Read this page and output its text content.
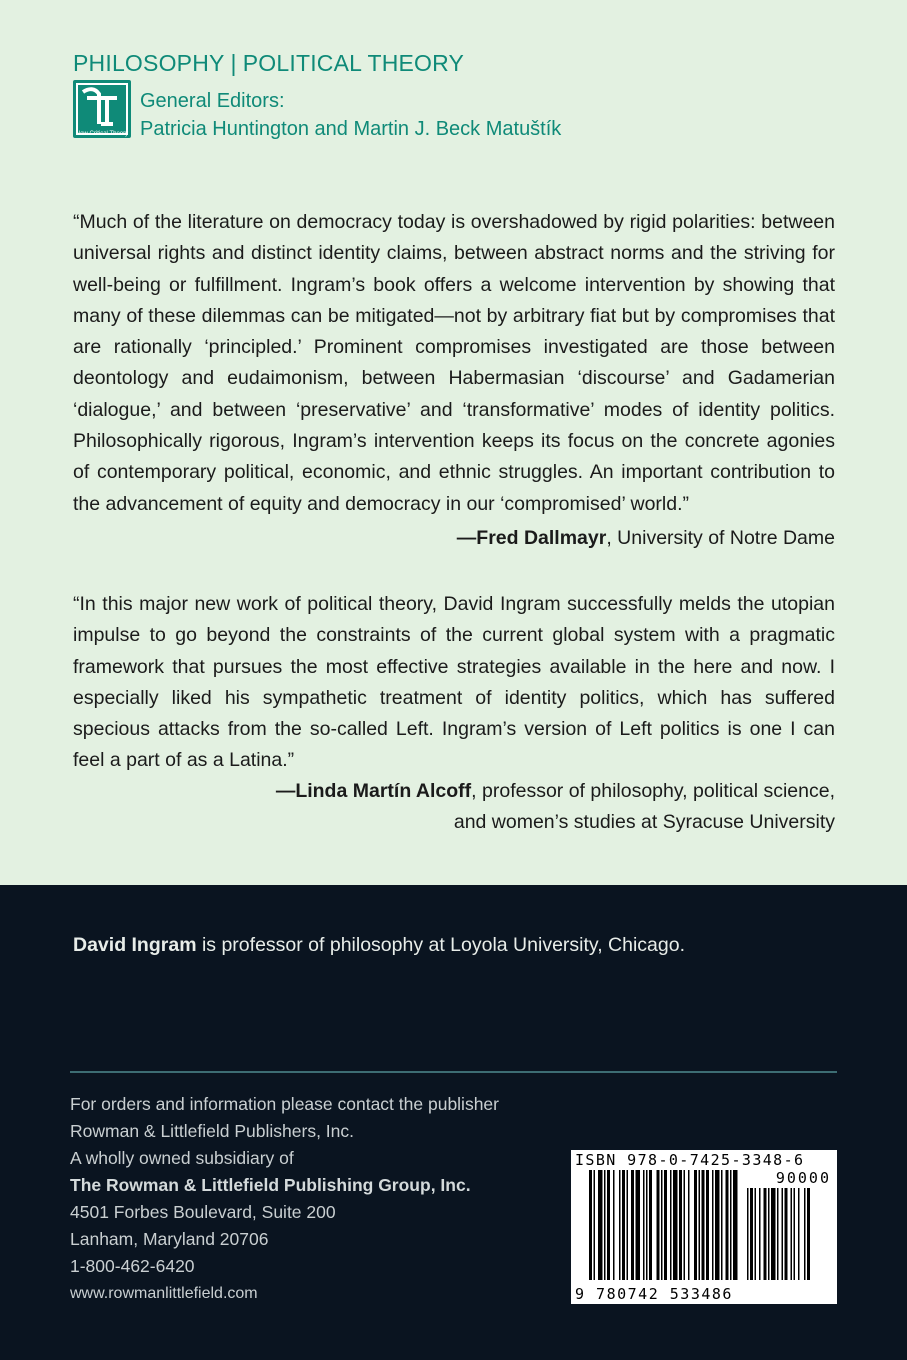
PHILOSOPHY | POLITICAL THEORY
New Critical Theory
General Editors:
Patricia Huntington and Martin J. Beck Matuštík

“Much of the literature on democracy today is overshadowed by rigid polarities: between universal rights and distinct identity claims, between abstract norms and the striving for well-being or fulfillment. Ingram’s book offers a welcome intervention by showing that many of these dilemmas can be mitigated—not by arbitrary fiat but by compromises that are rationally ‘principled.’ Prominent compromises investigated are those between deontology and eudaimonism, between Habermasian ‘discourse’ and Gadamerian ‘dialogue,’ and between ‘preservative’ and ‘transformative’ modes of identity politics. Philosophically rigorous, Ingram’s intervention keeps its focus on the concrete agonies of contemporary political, economic, and ethnic struggles. An important contribution to the advancement of equity and democracy in our ‘compromised’ world.”

—Fred Dallmayr, University of Notre Dame

“In this major new work of political theory, David Ingram successfully melds the utopian impulse to go beyond the constraints of the current global system with a pragmatic framework that pursues the most effective strategies available in the here and now. I especially liked his sympathetic treatment of identity politics, which has suffered specious attacks from the so-called Left. Ingram’s version of Left politics is one I can feel a part of as a Latina.”

—Linda Martín Alcoff, professor of philosophy, political science,
and women’s studies at Syracuse University
David Ingram is professor of philosophy at Loyola University, Chicago.
For orders and information please contact the publisher
Rowman & Littlefield Publishers, Inc.
A wholly owned subsidiary of
The Rowman & Littlefield Publishing Group, Inc.
4501 Forbes Boulevard, Suite 200
Lanham, Maryland 20706
1-800-462-6420
www.rowmanlittlefield.com
ISBN 978-0-7425-3348-6
90000
9 780742 533486
